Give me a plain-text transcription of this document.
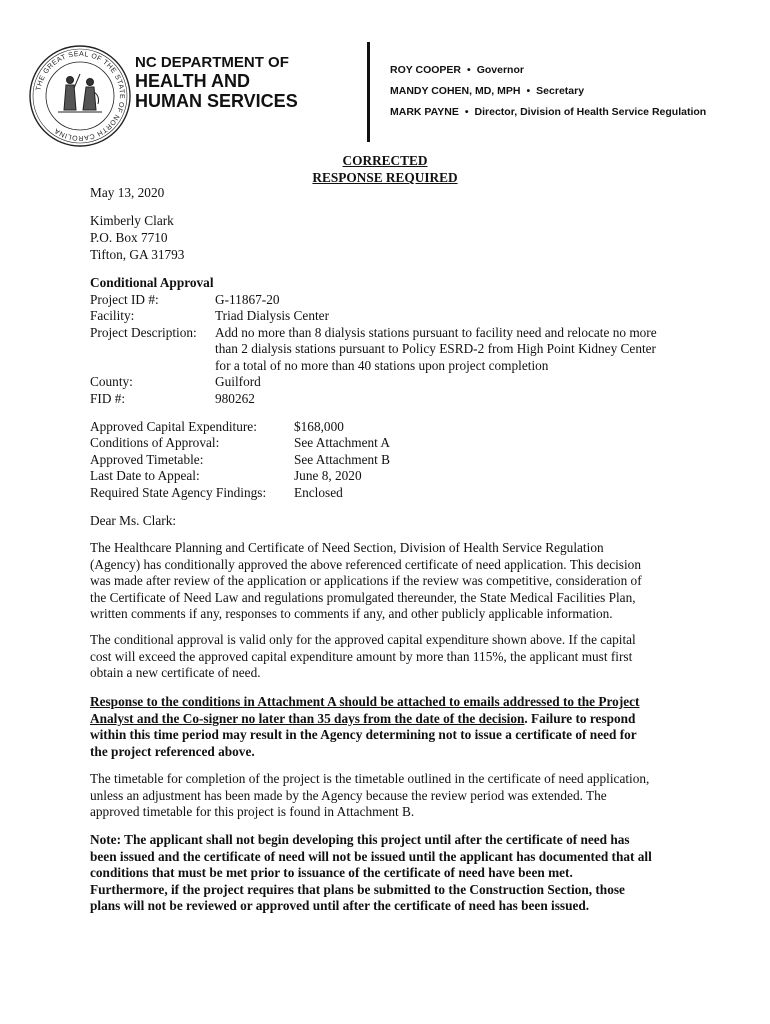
THE GREAT SEAL OF THE STATE OF NORTH CAROLINA
NC DEPARTMENT OF
HEALTH AND
HUMAN SERVICES
ROY COOPER • Governor
MANDY COHEN, MD, MPH • Secretary
MARK PAYNE • Director, Division of Health Service Regulation
CORRECTED
RESPONSE REQUIRED
May 13, 2020
Kimberly Clark
P.O. Box 7710
Tifton, GA 31793
Conditional Approval
Project ID #:	G-11867-20
Facility:	Triad Dialysis Center
Project Description: Add no more than 8 dialysis stations pursuant to facility need and relocate no more
than 2 dialysis stations pursuant to Policy ESRD-2 from High Point Kidney Center
for a total of no more than 40 stations upon project completion
County:	Guilford
FID #:	980262
Approved Capital Expenditure:	$168,000
Conditions of Approval:	See Attachment A
Approved Timetable:	See Attachment B
Last Date to Appeal:	June 8, 2020
Required State Agency Findings: Enclosed
Dear Ms. Clark:
The Healthcare Planning and Certificate of Need Section, Division of Health Service Regulation
(Agency) has conditionally approved the above referenced certificate of need application. This decision
was made after review of the application or applications if the review was competitive, consideration of
the Certificate of Need Law and regulations promulgated thereunder, the State Medical Facilities Plan,
written comments if any, responses to comments if any, and other publicly applicable information.
The conditional approval is valid only for the approved capital expenditure shown above. If the capital
cost will exceed the approved capital expenditure amount by more than 115%, the applicant must first
obtain a new certificate of need.
Response to the conditions in Attachment A should be attached to emails addressed to the Project
Analyst and the Co-signer no later than 35 days from the date of the decision. Failure to respond
within this time period may result in the Agency determining not to issue a certificate of need for
the project referenced above.
The timetable for completion of the project is the timetable outlined in the certificate of need application,
unless an adjustment has been made by the Agency because the review period was extended. The
approved timetable for this project is found in Attachment B.
Note: The applicant shall not begin developing this project until after the certificate of need has
been issued and the certificate of need will not be issued until the applicant has documented that all
conditions that must be met prior to issuance of the certificate of need have been met.
Furthermore, if the project requires that plans be submitted to the Construction Section, those
plans will not be reviewed or approved until after the certificate of need has been issued.
